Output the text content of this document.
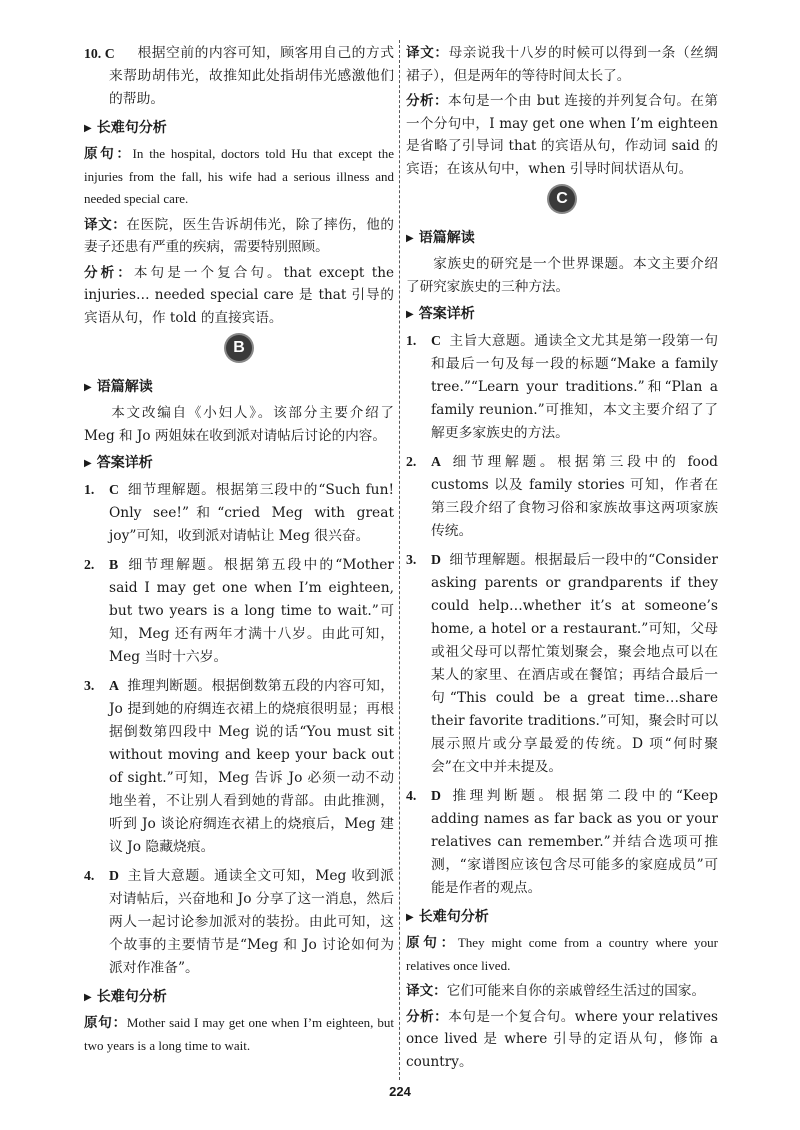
10. C 根据空前的内容可知，顾客用自己的方式来帮助胡伟光，故推知此处指胡伟光感激他们的帮助。
▶ 长难句分析

原句：In the hospital, doctors told Hu that except the injuries from the fall, his wife had a serious illness and needed special care.

译文：在医院，医生告诉胡伟光，除了摔伤，他的妻子还患有严重的疾病，需要特别照顾。

分析：本句是一个复合句。that except the injuries… needed special care 是 that 引导的宾语从句，作 told 的直接宾语。

B
▶ 语篇解读

本文改编自《小妇人》。该部分主要介绍了 Meg 和 Jo 两姐妹在收到派对请帖后讨论的内容。

▶ 答案详析
1. C 细节理解题。根据第三段中的“Such fun! Only see!”和“cried Meg with great joy”可知，收到派对请帖让 Meg 很兴奋。
2. B 细节理解题。根据第五段中的“Mother said I may get one when I’m eighteen, but two years is a long time to wait.”可知，Meg 还有两年才满十八岁。由此可知，Meg 当时十六岁。
3. A 推理判断题。根据倒数第五段的内容可知，Jo 提到她的府绸连衣裙上的烧痕很明显；再根据倒数第四段中 Meg 说的话“You must sit without moving and keep your back out of sight.”可知，Meg 告诉 Jo 必须一动不动地坐着，不让别人看到她的背部。由此推测，听到 Jo 谈论府绸连衣裙上的烧痕后，Meg 建议 Jo 隐藏烧痕。
4. D 主旨大意题。通读全文可知，Meg 收到派对请帖后，兴奋地和 Jo 分享了这一消息，然后两人一起讨论参加派对的装扮。由此可知，这个故事的主要情节是“Meg 和 Jo 讨论如何为派对作准备”。
▶ 长难句分析

原句：Mother said I may get one when I’m eighteen, but two years is a long time to wait.

译文：母亲说我十八岁的时候可以得到一条（丝绸裙子），但是两年的等待时间太长了。

分析：本句是一个由 but 连接的并列复合句。在第一个分句中，I may get one when I’m eighteen 是省略了引导词 that 的宾语从句，作动词 said 的宾语；在该从句中，when 引导时间状语从句。

C
▶ 语篇解读

家族史的研究是一个世界课题。本文主要介绍了研究家族史的三种方法。

▶ 答案详析
1. C 主旨大意题。通读全文尤其是第一段第一句和最后一句及每一段的标题“Make a family tree.”“Learn your traditions.”和“Plan a family reunion.”可推知，本文主要介绍了了解更多家族史的方法。
2. A 细节理解题。根据第三段中的 food customs 以及 family stories 可知，作者在第三段介绍了食物习俗和家族故事这两项家族传统。
3. D 细节理解题。根据最后一段中的“Consider asking parents or grandparents if they could help…whether it’s at someone’s home, a hotel or a restaurant.”可知，父母或祖父母可以帮忙策划聚会，聚会地点可以在某人的家里、在酒店或在餐馆；再结合最后一句“This could be a great time…share their favorite traditions.”可知，聚会时可以展示照片或分享最爱的传统。D 项“何时聚会”在文中并未提及。
4. D 推理判断题。根据第二段中的“Keep adding names as far back as you or your relatives can remember.”并结合选项可推测，“家谱图应该包含尽可能多的家庭成员”可能是作者的观点。
▶ 长难句分析

原句：They might come from a country where your relatives once lived.

译文：它们可能来自你的亲戚曾经生活过的国家。

分析：本句是一个复合句。where your relatives once lived 是 where 引导的定语从句，修饰 a country。

224
